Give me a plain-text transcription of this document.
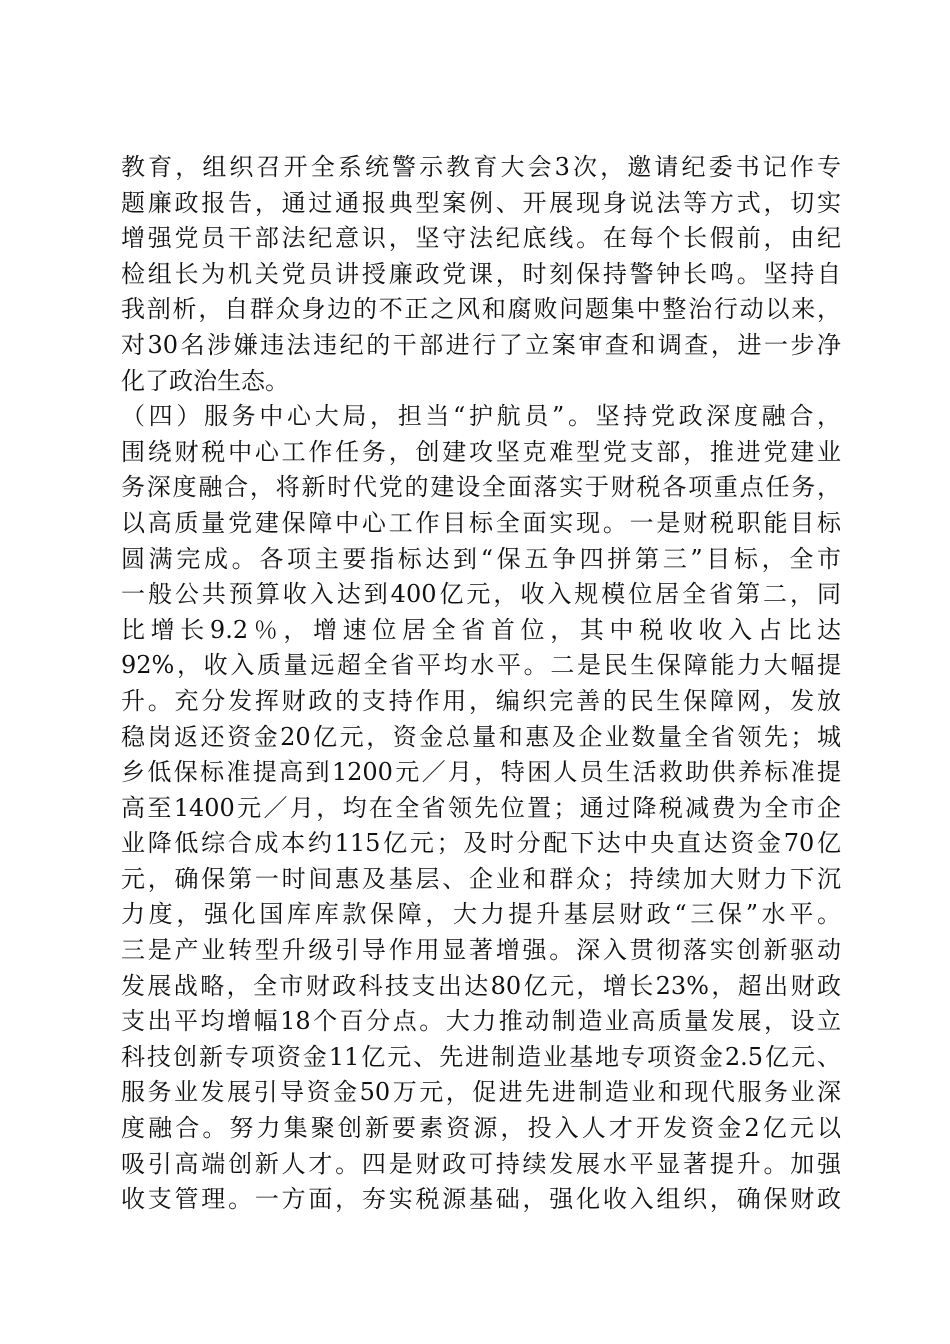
教育，组织召开全系统警示教育大会3次，邀请纪委书记作专
题廉政报告，通过通报典型案例、开展现身说法等方式，切实
增强党员干部法纪意识，坚守法纪底线。在每个长假前，由纪
检组长为机关党员讲授廉政党课，时刻保持警钟长鸣。坚持自
我剖析，自群众身边的不正之风和腐败问题集中整治行动以来，
对30名涉嫌违法违纪的干部进行了立案审查和调查，进一步净
化了政治生态。
（四）服务中心大局，担当“护航员”。坚持党政深度融合，
围绕财税中心工作任务，创建攻坚克难型党支部，推进党建业
务深度融合，将新时代党的建设全面落实于财税各项重点任务，
以高质量党建保障中心工作目标全面实现。一是财税职能目标
圆满完成。各项主要指标达到“保五争四拼第三”目标，全市
一般公共预算收入达到400亿元，收入规模位居全省第二，同
比增长9.2％，增速位居全省首位，其中税收收入占比达
92%，收入质量远超全省平均水平。二是民生保障能力大幅提
升。充分发挥财政的支持作用，编织完善的民生保障网，发放
稳岗返还资金20亿元，资金总量和惠及企业数量全省领先；城
乡低保标准提高到1200元／月，特困人员生活救助供养标准提
高至1400元／月，均在全省领先位置；通过降税减费为全市企
业降低综合成本约115亿元；及时分配下达中央直达资金70亿
元，确保第一时间惠及基层、企业和群众；持续加大财力下沉
力度，强化国库库款保障，大力提升基层财政“三保”水平。
三是产业转型升级引导作用显著增强。深入贯彻落实创新驱动
发展战略，全市财政科技支出达80亿元，增长23%，超出财政
支出平均增幅18个百分点。大力推动制造业高质量发展，设立
科技创新专项资金11亿元、先进制造业基地专项资金2.5亿元、
服务业发展引导资金50万元，促进先进制造业和现代服务业深
度融合。努力集聚创新要素资源，投入人才开发资金2亿元以
吸引高端创新人才。四是财政可持续发展水平显著提升。加强
收支管理。一方面，夯实税源基础，强化收入组织，确保财政
